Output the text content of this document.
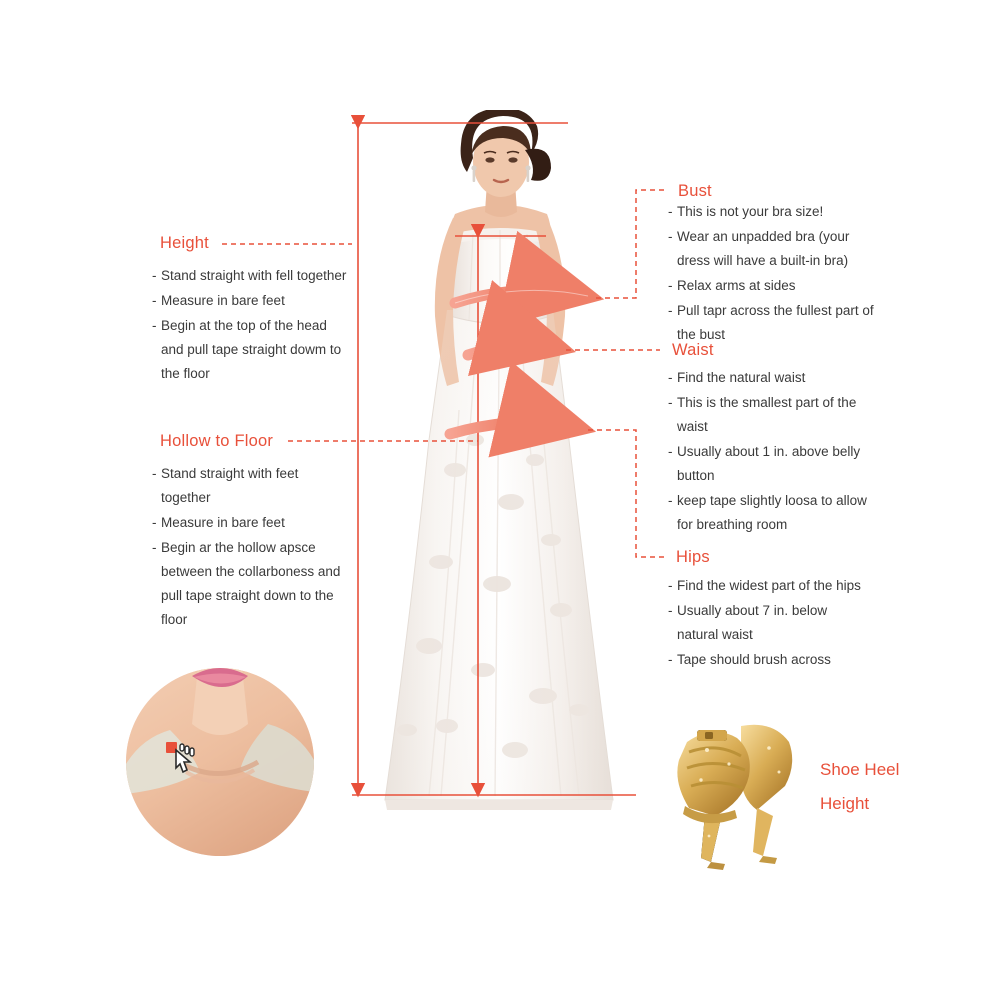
Height
- Stand straight with fell together
- Measure in bare feet
- Begin at the top of the head and pull tape straight dowm to the floor
Hollow to Floor
- Stand straight with feet together
- Measure in bare feet
- Begin ar the hollow apsce between the collarboness and pull tape straight down to the floor
Bust
- This is not your bra size!
- Wear an unpadded bra (your dress will have a built-in bra)
- Relax arms at sides
- Pull tapr across the fullest part of the bust
Waist
- Find the natural waist
- This is the smallest part of the waist
- Usually about 1 in. above belly button
- keep tape slightly loosa to allow for breathing room
Hips
- Find the widest part of the hips
- Usually about 7 in. below natural waist
- Tape should brush across
Shoe Heel
Height
